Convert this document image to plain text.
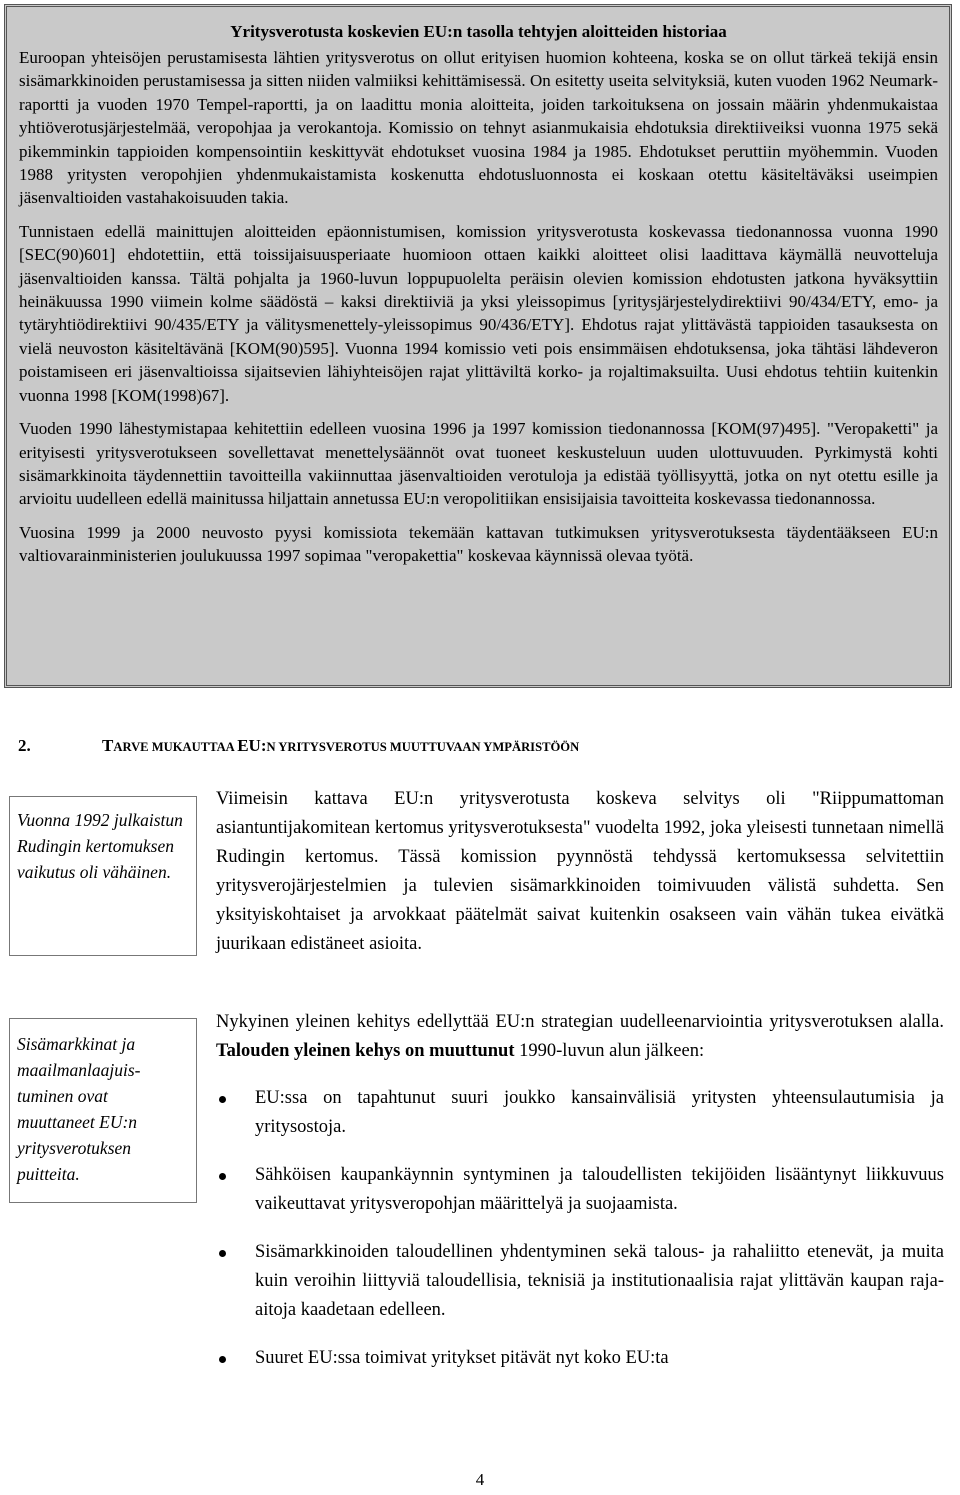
Yritysverotusta koskevien EU:n tasolla tehtyjen aloitteiden historiaa

Euroopan yhteisöjen perustamisesta lähtien yritysverotus on ollut erityisen huomion kohteena, koska se on ollut tärkeä tekijä ensin sisämarkkinoiden perustamisessa ja sitten niiden valmiiksi kehittämisessä. On esitetty useita selvityksiä, kuten vuoden 1962 Neumark-raportti ja vuoden 1970 Tempel-raportti, ja on laadittu monia aloitteita, joiden tarkoituksena on jossain määrin yhdenmukaistaa yhtiöverotusjärjestelmää, veropohjaa ja verokantoja. Komissio on tehnyt asianmukaisia ehdotuksia direktiiveiksi vuonna 1975 sekä pikemminkin tappioiden kompensointiin keskittyvät ehdotukset vuosina 1984 ja 1985. Ehdotukset peruttiin myöhemmin. Vuoden 1988 yritysten veropohjien yhdenmukaistamista koskenutta ehdotusluonnosta ei koskaan otettu käsiteltäväksi useimpien jäsenvaltioiden vastahakoisuuden takia.

Tunnistaen edellä mainittujen aloitteiden epäonnistumisen, komission yritysverotusta koskevassa tiedonannossa vuonna 1990 [SEC(90)601] ehdotettiin, että toissijaisuusperiaate huomioon ottaen kaikki aloitteet olisi laadittava käymällä neuvotteluja jäsenvaltioiden kanssa. Tältä pohjalta ja 1960-luvun loppupuolelta peräisin olevien komission ehdotusten jatkona hyväksyttiin heinäkuussa 1990 viimein kolme säädöstä – kaksi direktiiviä ja yksi yleissopimus [yritysjärjestelydirektiivi 90/434/ETY, emo- ja tytäryhtiödirektiivi 90/435/ETY ja välitysmenettely-yleissopimus 90/436/ETY]. Ehdotus rajat ylittävästä tappioiden tasauksesta on vielä neuvoston käsiteltävänä [KOM(90)595]. Vuonna 1994 komissio veti pois ensimmäisen ehdotuksensa, joka tähtäsi lähdeveron poistamiseen eri jäsenvaltioissa sijaitsevien lähiyhteisöjen rajat ylittäviltä korko- ja rojaltimaksuilta. Uusi ehdotus tehtiin kuitenkin vuonna 1998 [KOM(1998)67].

Vuoden 1990 lähestymistapaa kehitettiin edelleen vuosina 1996 ja 1997 komission tiedonannossa [KOM(97)495]. "Veropaketti" ja erityisesti yritysverotukseen sovellettavat menettelysäännöt ovat tuoneet keskusteluun uuden ulottuvuuden. Pyrkimystä kohti sisämarkkinoita täydennettiin tavoitteilla vakiinnuttaa jäsenvaltioiden verotuloja ja edistää työllisyyttä, jotka on nyt otettu esille ja arvioitu uudelleen edellä mainitussa hiljattain annetussa EU:n veropolitiikan ensisijaisia tavoitteita koskevassa tiedonannossa.

Vuosina 1999 ja 2000 neuvosto pyysi komissiota tekemään kattavan tutkimuksen yritysverotuksesta täydentääkseen EU:n valtiovarainministerien joulukuussa 1997 sopimaa "veropakettia" koskevaa käynnissä olevaa työtä.

2.	TARVE MUKAUTTAA EU:N YRITYSVEROTUS MUUTTUVAAN YMPÄRISTÖÖN
Vuonna 1992 julkaistun Rudingin kertomuksen vaikutus oli vähäinen.
Sisämarkkinat ja maailmanlaajuis-tuminen ovat muuttaneet EU:n yritysverotuksen puitteita.

Viimeisin kattava EU:n yritysverotusta koskeva selvitys oli "Riippumattoman asiantuntijakomitean kertomus yritysverotuksesta" vuodelta 1992, joka yleisesti tunnetaan nimellä Rudingin kertomus. Tässä komission pyynnöstä tehdyssä kertomuksessa selvitettiin yritysverojärjestelmien ja tulevien sisämarkkinoiden toimivuuden välistä suhdetta. Sen yksityiskohtaiset ja arvokkaat päätelmät saivat kuitenkin osakseen vain vähän tukea eivätkä juurikaan edistäneet asioita.

Nykyinen yleinen kehitys edellyttää EU:n strategian uudelleenarviointia yritysverotuksen alalla. Talouden yleinen kehys on muuttunut 1990-luvun alun jälkeen:

EU:ssa on tapahtunut suuri joukko kansainvälisiä yritysten yhteensulautumisia ja yritysostoja.
Sähköisen kaupankäynnin syntyminen ja taloudellisten tekijöiden lisääntynyt liikkuvuus vaikeuttavat yritysveropohjan määrittelyä ja suojaamista.
Sisämarkkinoiden taloudellinen yhdentyminen sekä talous- ja rahaliitto etenevät, ja muita kuin veroihin liittyviä taloudellisia, teknisiä ja institutionaalisia rajat ylittävän kaupan raja-aitoja kaadetaan edelleen.
Suuret EU:ssa toimivat yritykset pitävät nyt koko EU:ta
4
